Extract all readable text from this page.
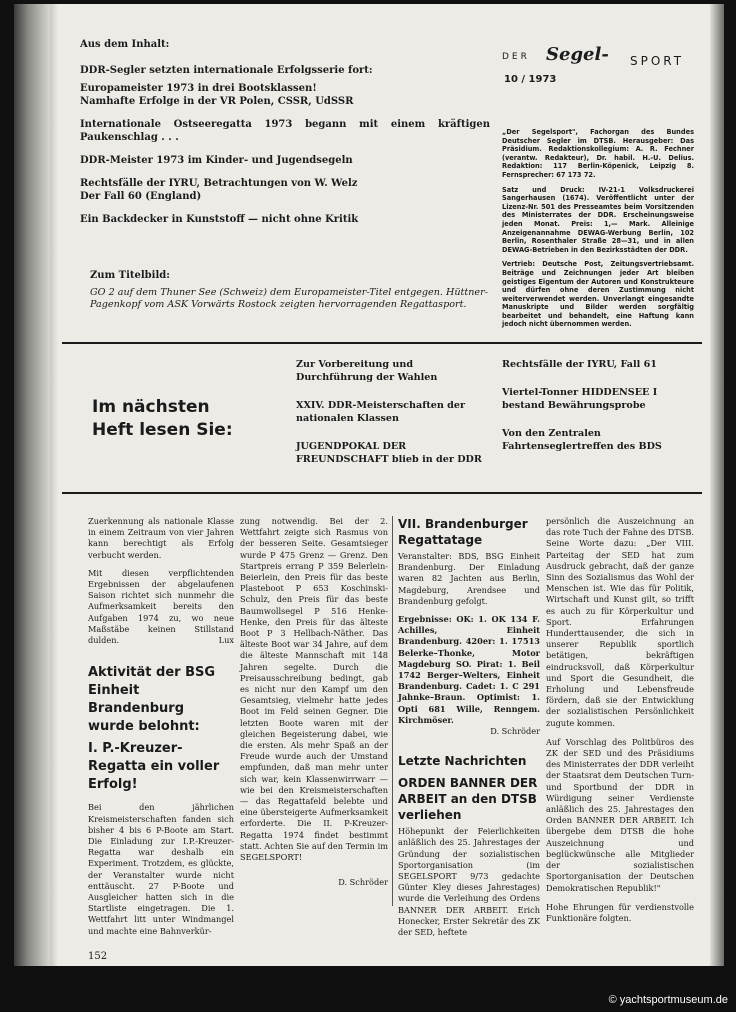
Aus dem Inhalt:

DDR-Segler setzten internationale Erfolgsserie fort:

Europameister 1973 in drei Bootsklassen!

Namhafte Erfolge in der VR Polen, CSSR, UdSSR

Internationale Ostseeregatta 1973 begann mit einem kräftigen Paukenschlag . . .

DDR-Meister 1973 im Kinder- und Jugendsegeln

Rechtsfälle der IYRU, Betrachtungen von W. Welz

Der Fall 60 (England)

Ein Backdecker in Kunststoff — nicht ohne Kritik

Zum Titelbild:
GO 2 auf dem Thuner See (Schweiz) dem Europameister-Titel entgegen. Hüttner-Pagenkopf vom ASK Vorwärts Rostock zeigten hervorragenden Regattasport.
DER Segel- SPORT
10 / 1973
„Der Segelsport", Fachorgan des Bundes Deutscher Segler im DTSB. Herausgeber: Das Präsidium. Redaktionskollegium: A. R. Fechner (verantw. Redakteur), Dr. habil. H.-U. Delius. Redaktion: 117 Berlin-Köpenick, Leipzig 8. Fernsprecher: 67 173 72.
Satz und Druck: IV-21-1 Volksdruckerei Sangerhausen (1674). Veröffentlicht unter der Lizenz-Nr. 501 des Presseamtes beim Vorsitzenden des Ministerrates der DDR. Erscheinungsweise jeden Monat. Preis: 1,— Mark. Alleinige Anzeigenannahme DEWAG-Werbung Berlin, 102 Berlin, Rosenthaler Straße 28—31, und in allen DEWAG-Betrieben in den Bezirksstädten der DDR.
Vertrieb: Deutsche Post, Zeitungsvertriebsamt. Beiträge und Zeichnungen jeder Art bleiben geistiges Eigentum der Autoren und Konstrukteure und dürfen ohne deren Zustimmung nicht weiterverwendet werden. Unverlangt eingesandte Manuskripte und Bilder werden sorgfältig bearbeitet und behandelt, eine Haftung kann jedoch nicht übernommen werden.
Im nächsten Heft lesen Sie:
Zur Vorbereitung und Durchführung der Wahlen
XXIV. DDR-Meisterschaften der nationalen Klassen
JUGENDPOKAL DER FREUNDSCHAFT blieb in der DDR
Rechtsfälle der IYRU, Fall 61
Viertel-Tonner HIDDENSEE I bestand Bewährungsprobe
Von den Zentralen Fahrtenseglertreffen des BDS

Zuerkennung als nationale Klasse in einem Zeitraum von vier Jahren kann berechtigt als Erfolg verbucht werden.

Mit diesen verpflichtenden Ergebnissen der abgelaufenen Saison richtet sich nunmehr die Aufmerksamkeit bereits den Aufgaben 1974 zu, wo neue Maßstäbe keinen Stillstand dulden.	Lux

Aktivität der BSG Einheit Brandenburg wurde belohnt:
I. P.-Kreuzer-Regatta ein voller Erfolg!

Bei den jährlichen Kreismeisterschaften fanden sich bisher 4 bis 6 P-Boote am Start. Die Einladung zur I.P.-Kreuzer-Regatta war deshalb ein Experiment. Trotzdem, es glückte, der Veranstalter wurde nicht enttäuscht. 27 P-Boote und Ausgleicher hatten sich in die Startliste eingetragen. Die 1. Wettfahrt litt unter Windmangel und machte eine Bahnverkür-

152

zung notwendig. Bei der 2. Wettfahrt zeigte sich Rasmus von der besseren Seite. Gesamtsieger wurde P 475 Grenz — Grenz. Den Startpreis errang P 359 Belerlein-Beierlein, den Preis für das beste Plasteboot P 653 Koschinski-Schulz, den Preis für das beste Baumwollsegel P 516 Henke-Henke, den Preis für das älteste Boot P 3 Hellbach-Näther. Das älteste Boot war 34 Jahre, auf dem die älteste Mannschaft mit 148 Jahren segelte. Durch die Preisausschreibung bedingt, gab es nicht nur den Kampf um den Gesamtsieg, vielmehr hatte jedes Boot im Feld seinen Gegner. Die letzten Boote waren mit der gleichen Begeisterung dabei, wie die ersten. Als mehr Spaß an der Freude wurde auch der Umstand empfunden, daß man mehr unter sich war, kein Klassenwirrwarr — wie bei den Kreismeisterschaften — das Regattafeld belebte und eine übersteigerte Aufmerksamkeit erforderte. Die II. P-Kreuzer-Regatta 1974 findet bestimmt statt. Achten Sie auf den Termin im SEGELSPORT!

D. Schröder

VII. Brandenburger Regattatage

Veranstalter: BDS, BSG Einheit Brandenburg. Der Einladung waren 82 Jachten aus Berlin, Magdeburg, Arendsee und Brandenburg gefolgt.

Ergebnisse: OK: 1. OK 134 F. Achilles, Einheit Brandenburg. 420er: 1. 17513 Belerke–Thonke, Motor Magdeburg SO. Pirat: 1. Beil 1742 Berger–Welters, Einheit Brandenburg. Cadet: 1. C 291 Jahnke–Braun. Optimist: 1. Opti 681 Wille, Renngem. Kirchmöser.

D. Schröder

Letzte Nachrichten
ORDEN BANNER DER ARBEIT an den DTSB verliehen

Höhepunkt der Feierlichkeiten anläßlich des 25. Jahrestages der Gründung der sozialistischen Sportorganisation (im SEGELSPORT 9/73 gedachte Günter Kley dieses Jahrestages) wurde die Verleihung des Ordens BANNER DER ARBEIT. Erich Honecker, Erster Sekretär des ZK der SED, heftete

persönlich die Auszeichnung an das rote Tuch der Fahne des DTSB. Seine Worte dazu: „Der VIII. Parteitag der SED hat zum Ausdruck gebracht, daß der ganze Sinn des Sozialismus das Wohl der Menschen ist. Wie das für Politik, Wirtschaft und Kunst gilt, so trifft es auch zu für Körperkultur und Sport. Erfahrungen Hunderttausender, die sich in unserer Republik sportlich betätigen, bekräftigen eindrucksvoll, daß Körperkultur und Sport die Gesundheit, die Erholung und Lebensfreude fördern, daß sie der Entwicklung der sozialistischen Persönlichkeit zugute kommen.

Auf Vorschlag des Politbüros des ZK der SED und des Präsidiums des Ministerrates der DDR verleiht der Staatsrat dem Deutschen Turn- und Sportbund der DDR in Würdigung seiner Verdienste anläßlich des 25. Jahrestages den Orden BANNER DER ARBEIT. Ich übergebe dem DTSB die hohe Auszeichnung und beglückwünsche alle Mitglieder der sozialistischen Sportorganisation der Deutschen Demokratischen Republik!"

Hohe Ehrungen für verdienstvolle Funktionäre folgten.

© yachtsportmuseum.de
